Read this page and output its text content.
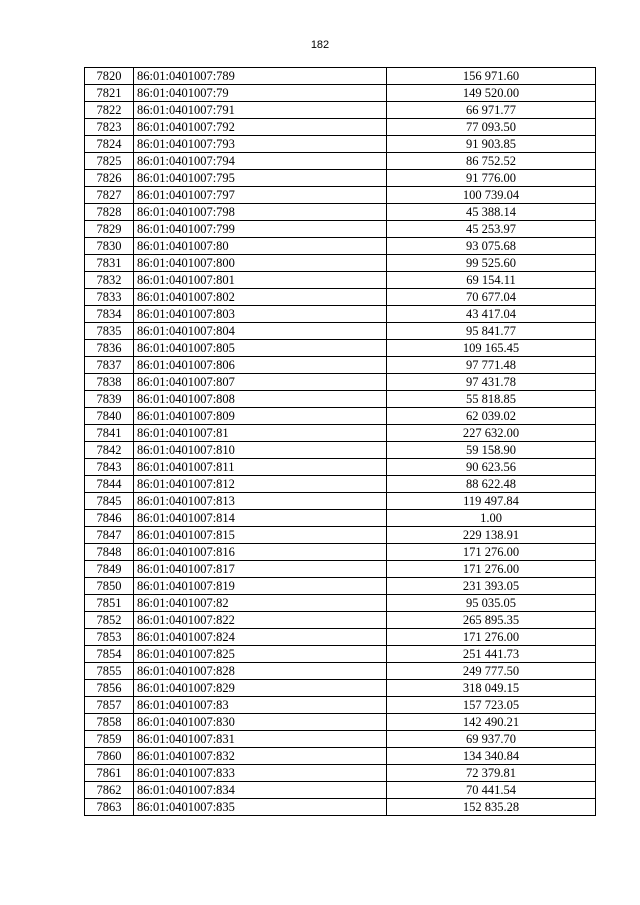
182
7820	86:01:0401007:789	156 971.60
7821	86:01:0401007:79	149 520.00
7822	86:01:0401007:791	66 971.77
7823	86:01:0401007:792	77 093.50
7824	86:01:0401007:793	91 903.85
7825	86:01:0401007:794	86 752.52
7826	86:01:0401007:795	91 776.00
7827	86:01:0401007:797	100 739.04
7828	86:01:0401007:798	45 388.14
7829	86:01:0401007:799	45 253.97
7830	86:01:0401007:80	93 075.68
7831	86:01:0401007:800	99 525.60
7832	86:01:0401007:801	69 154.11
7833	86:01:0401007:802	70 677.04
7834	86:01:0401007:803	43 417.04
7835	86:01:0401007:804	95 841.77
7836	86:01:0401007:805	109 165.45
7837	86:01:0401007:806	97 771.48
7838	86:01:0401007:807	97 431.78
7839	86:01:0401007:808	55 818.85
7840	86:01:0401007:809	62 039.02
7841	86:01:0401007:81	227 632.00
7842	86:01:0401007:810	59 158.90
7843	86:01:0401007:811	90 623.56
7844	86:01:0401007:812	88 622.48
7845	86:01:0401007:813	119 497.84
7846	86:01:0401007:814	1.00
7847	86:01:0401007:815	229 138.91
7848	86:01:0401007:816	171 276.00
7849	86:01:0401007:817	171 276.00
7850	86:01:0401007:819	231 393.05
7851	86:01:0401007:82	95 035.05
7852	86:01:0401007:822	265 895.35
7853	86:01:0401007:824	171 276.00
7854	86:01:0401007:825	251 441.73
7855	86:01:0401007:828	249 777.50
7856	86:01:0401007:829	318 049.15
7857	86:01:0401007:83	157 723.05
7858	86:01:0401007:830	142 490.21
7859	86:01:0401007:831	69 937.70
7860	86:01:0401007:832	134 340.84
7861	86:01:0401007:833	72 379.81
7862	86:01:0401007:834	70 441.54
7863	86:01:0401007:835	152 835.28
